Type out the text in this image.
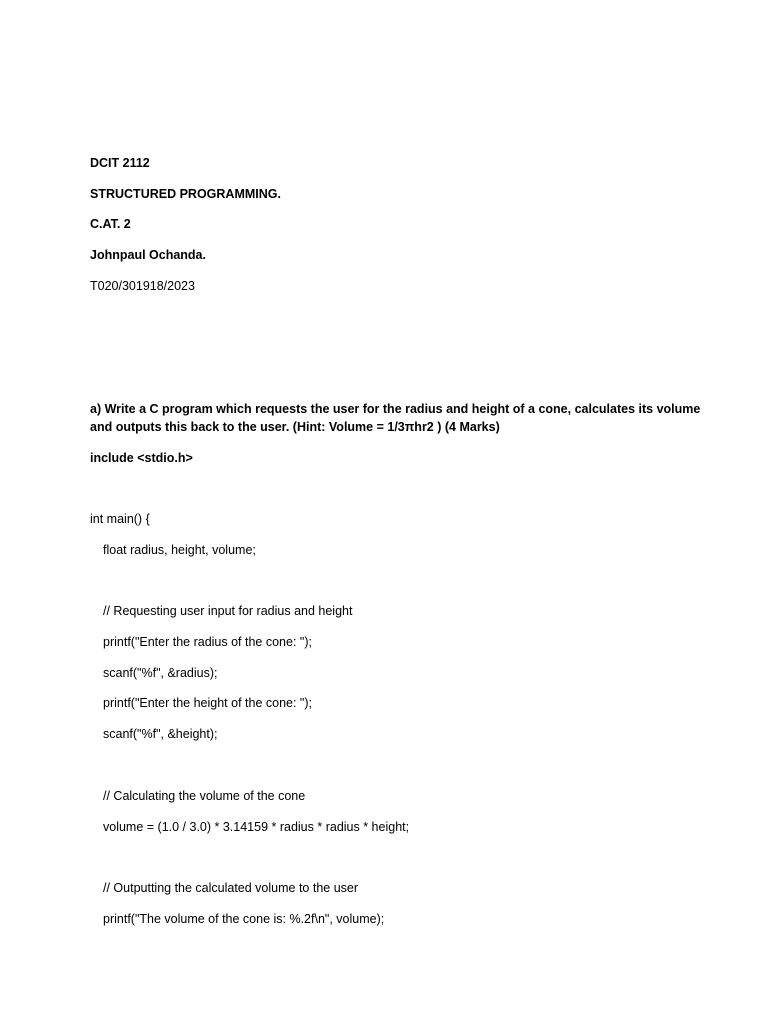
DCIT 2112

STRUCTURED PROGRAMMING.

C.AT. 2

Johnpaul Ochanda.

T020/301918/2023

a) Write a C program which requests the user for the radius and height of a cone, calculates its volume
and outputs this back to the user. (Hint: Volume = 1/3πhr2 ) (4 Marks)

include <stdio.h>

int main() {

float radius, height, volume;

// Requesting user input for radius and height

printf("Enter the radius of the cone: ");

scanf("%f", &radius);

printf("Enter the height of the cone: ");

scanf("%f", &height);

// Calculating the volume of the cone

volume = (1.0 / 3.0) * 3.14159 * radius * radius * height;

// Outputting the calculated volume to the user

printf("The volume of the cone is: %.2f\n", volume);
